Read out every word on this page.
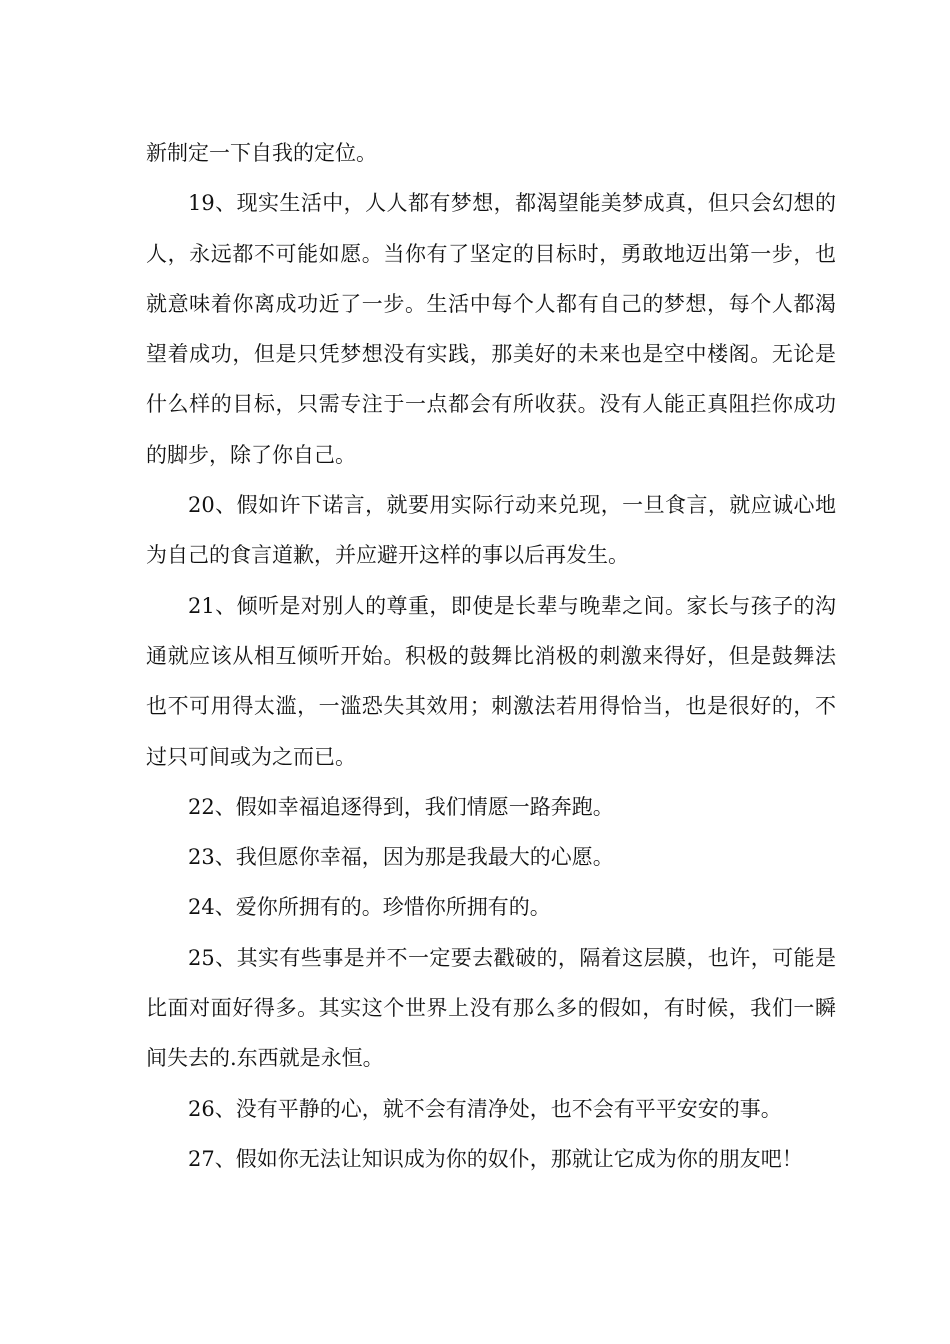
新制定一下自我的定位。

19、现实生活中，人人都有梦想，都渴望能美梦成真，但只会幻想的人，永远都不可能如愿。当你有了坚定的目标时，勇敢地迈出第一步，也就意味着你离成功近了一步。生活中每个人都有自己的梦想，每个人都渴望着成功，但是只凭梦想没有实践，那美好的未来也是空中楼阁。无论是什么样的目标，只需专注于一点都会有所收获。没有人能正真阻拦你成功的脚步，除了你自己。

20、假如许下诺言，就要用实际行动来兑现，一旦食言，就应诚心地为自己的食言道歉，并应避开这样的事以后再发生。

21、倾听是对别人的尊重，即使是长辈与晚辈之间。家长与孩子的沟通就应该从相互倾听开始。积极的鼓舞比消极的刺激来得好，但是鼓舞法也不可用得太滥，一滥恐失其效用；刺激法若用得恰当，也是很好的，不过只可间或为之而已。

22、假如幸福追逐得到，我们情愿一路奔跑。

23、我但愿你幸福，因为那是我最大的心愿。

24、爱你所拥有的。珍惜你所拥有的。

25、其实有些事是并不一定要去戳破的，隔着这层膜，也许，可能是比面对面好得多。其实这个世界上没有那么多的假如，有时候，我们一瞬间失去的.东西就是永恒。

26、没有平静的心，就不会有清净处，也不会有平平安安的事。

27、假如你无法让知识成为你的奴仆，那就让它成为你的朋友吧！
